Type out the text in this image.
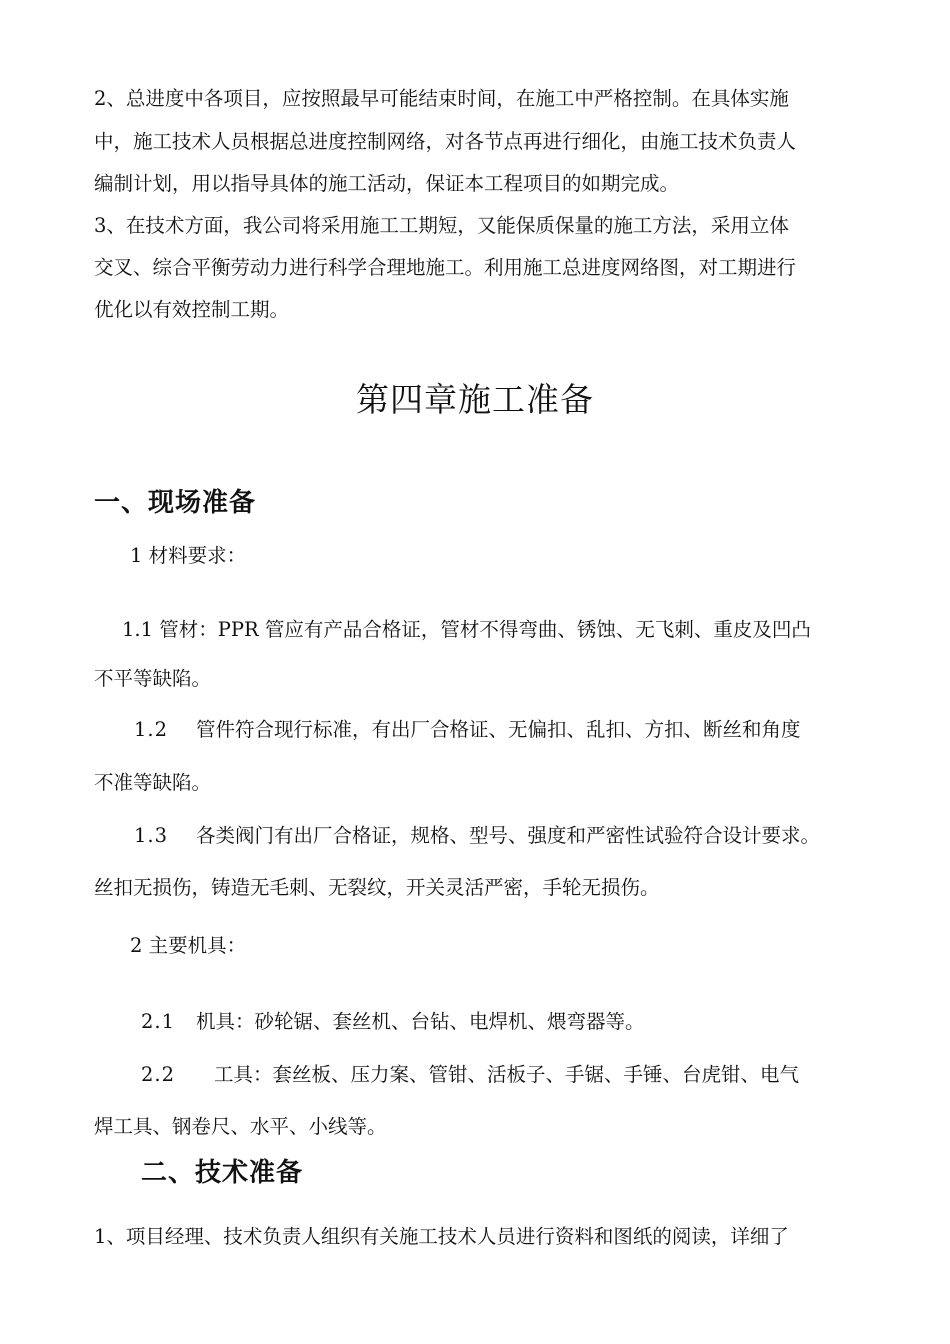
2、总进度中各项目，应按照最早可能结束时间，在施工中严格控制。在具体实施
中，施工技术人员根据总进度控制网络，对各节点再进行细化，由施工技术负责人
编制计划，用以指导具体的施工活动，保证本工程项目的如期完成。
3、在技术方面，我公司将采用施工工期短，又能保质保量的施工方法，采用立体
交叉、综合平衡劳动力进行科学合理地施工。利用施工总进度网络图，对工期进行
优化以有效控制工期。
第四章施工准备
一、现场准备
1 材料要求：
1.1 管材：PPR 管应有产品合格证，管材不得弯曲、锈蚀、无飞刺、重皮及凹凸
不平等缺陷。
1.2 管件符合现行标准，有出厂合格证、无偏扣、乱扣、方扣、断丝和角度
不准等缺陷。
1.3 各类阀门有出厂合格证，规格、型号、强度和严密性试验符合设计要求。
丝扣无损伤，铸造无毛刺、无裂纹，开关灵活严密，手轮无损伤。
2 主要机具：
2.1 机具：砂轮锯、套丝机、台钻、电焊机、煨弯器等。
2.2 工具：套丝板、压力案、管钳、活板子、手锯、手锤、台虎钳、电气
焊工具、钢卷尺、水平、小线等。
二、技术准备
1、项目经理、技术负责人组织有关施工技术人员进行资料和图纸的阅读，详细了
